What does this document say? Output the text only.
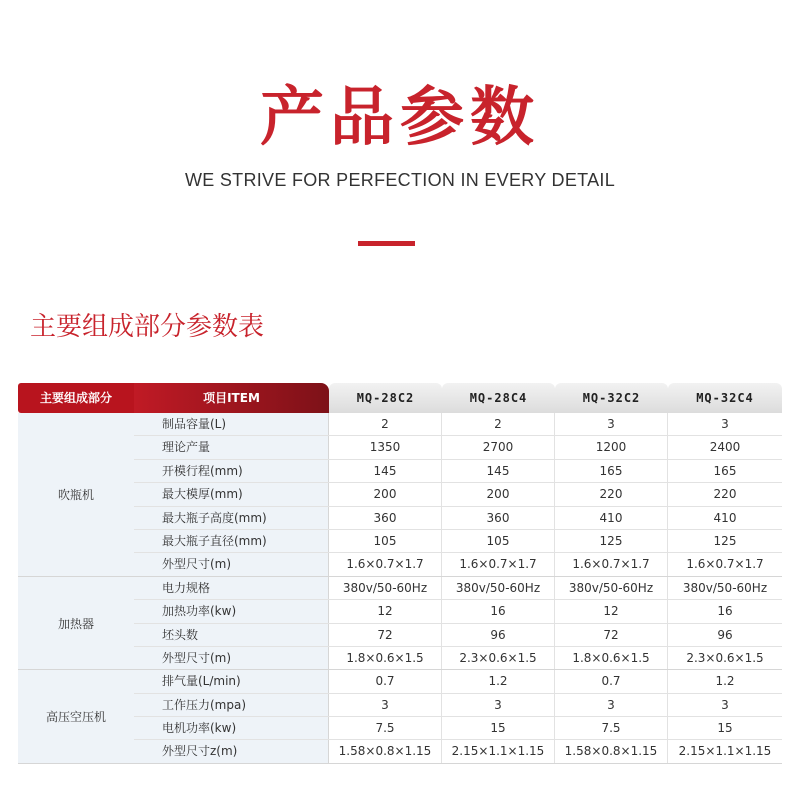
产品参数
WE STRIVE FOR PERFECTION IN EVERY DETAIL
主要组成部分参数表
主要组成部分	项目ITEM	MQ-28C2	MQ-28C4	MQ-32C2	MQ-32C4
吹瓶机
制品容量(L)	2	2	3	3
理论产量	1350	2700	1200	2400
开模行程(mm)	145	145	165	165
最大模厚(mm)	200	200	220	220
最大瓶子高度(mm)	360	360	410	410
最大瓶子直径(mm)	105	105	125	125
外型尺寸(m)	1.6×0.7×1.7	1.6×0.7×1.7	1.6×0.7×1.7	1.6×0.7×1.7
加热器
电力规格	380v/50-60Hz	380v/50-60Hz	380v/50-60Hz	380v/50-60Hz
加热功率(kw)	12	16	12	16
坯头数	72	96	72	96
外型尺寸(m)	1.8×0.6×1.5	2.3×0.6×1.5	1.8×0.6×1.5	2.3×0.6×1.5
高压空压机
排气量(L/min)	0.7	1.2	0.7	1.2
工作压力(mpa)	3	3	3	3
电机功率(kw)	7.5	15	7.5	15
外型尺寸z(m)	1.58×0.8×1.15	2.15×1.1×1.15	1.58×0.8×1.15	2.15×1.1×1.15
